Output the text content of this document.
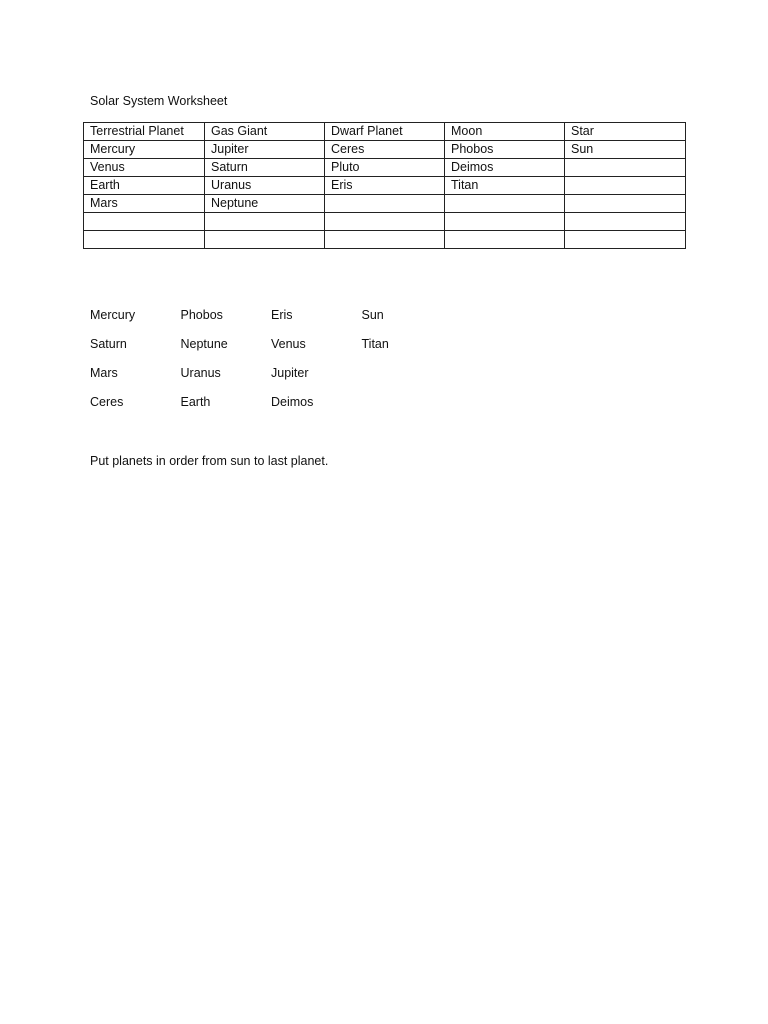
Solar System Worksheet
Terrestrial Planet	Gas Giant	Dwarf Planet	Moon	Star
Mercury	Jupiter	Ceres	Phobos	Sun
Venus	Saturn	Pluto	Deimos	
Earth	Uranus	Eris	Titan	
Mars	Neptune			

Mercury	Phobos	Eris	Sun
Saturn	Neptune	Venus	Titan
Mars	Uranus	Jupiter
Ceres	Earth	Deimos
Put planets in order from sun to last planet.
